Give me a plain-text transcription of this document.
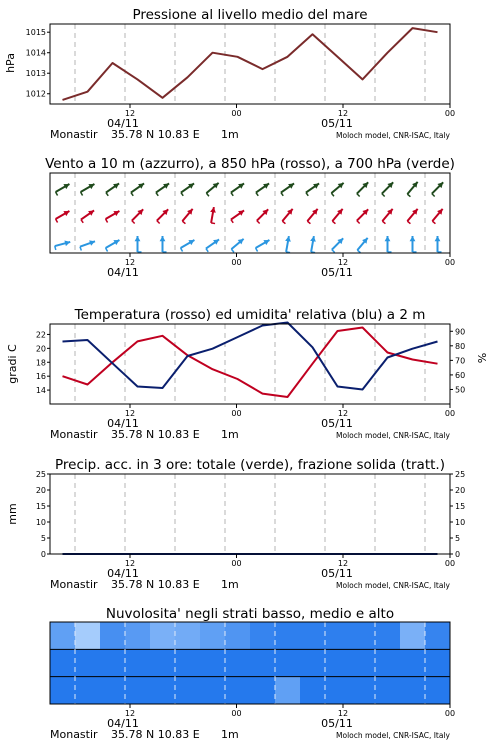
Pressione al livello medio del mare
hPa
1012
1013
1014
1015
12	00	12	00
04/11	05/11
Monastir 35.78 N 10.83 E 1m	Moloch model, CNR-ISAC, Italy
Vento a 10 m (azzurro), a 850 hPa (rosso), a 700 hPa (verde)
12	00	12	00
04/11	05/11
Temperatura (rosso) ed umidita' relativa (blu) a 2 m
gradi C	%
14
16
18
20
22
50
60
70
80
90
12	00	12	00
04/11	05/11
Monastir 35.78 N 10.83 E 1m	Moloch model, CNR-ISAC, Italy
Precip. acc. in 3 ore: totale (verde), frazione solida (tratt.)
mm
0	0
5	5
10	10
15	15
20	20
25	25
12	00	12	00
04/11	05/11
Monastir 35.78 N 10.83 E 1m	Moloch model, CNR-ISAC, Italy
Nuvolosita' negli strati basso, medio e alto
12	00	12	00
04/11	05/11
Monastir 35.78 N 10.83 E 1m	Moloch model, CNR-ISAC, Italy
